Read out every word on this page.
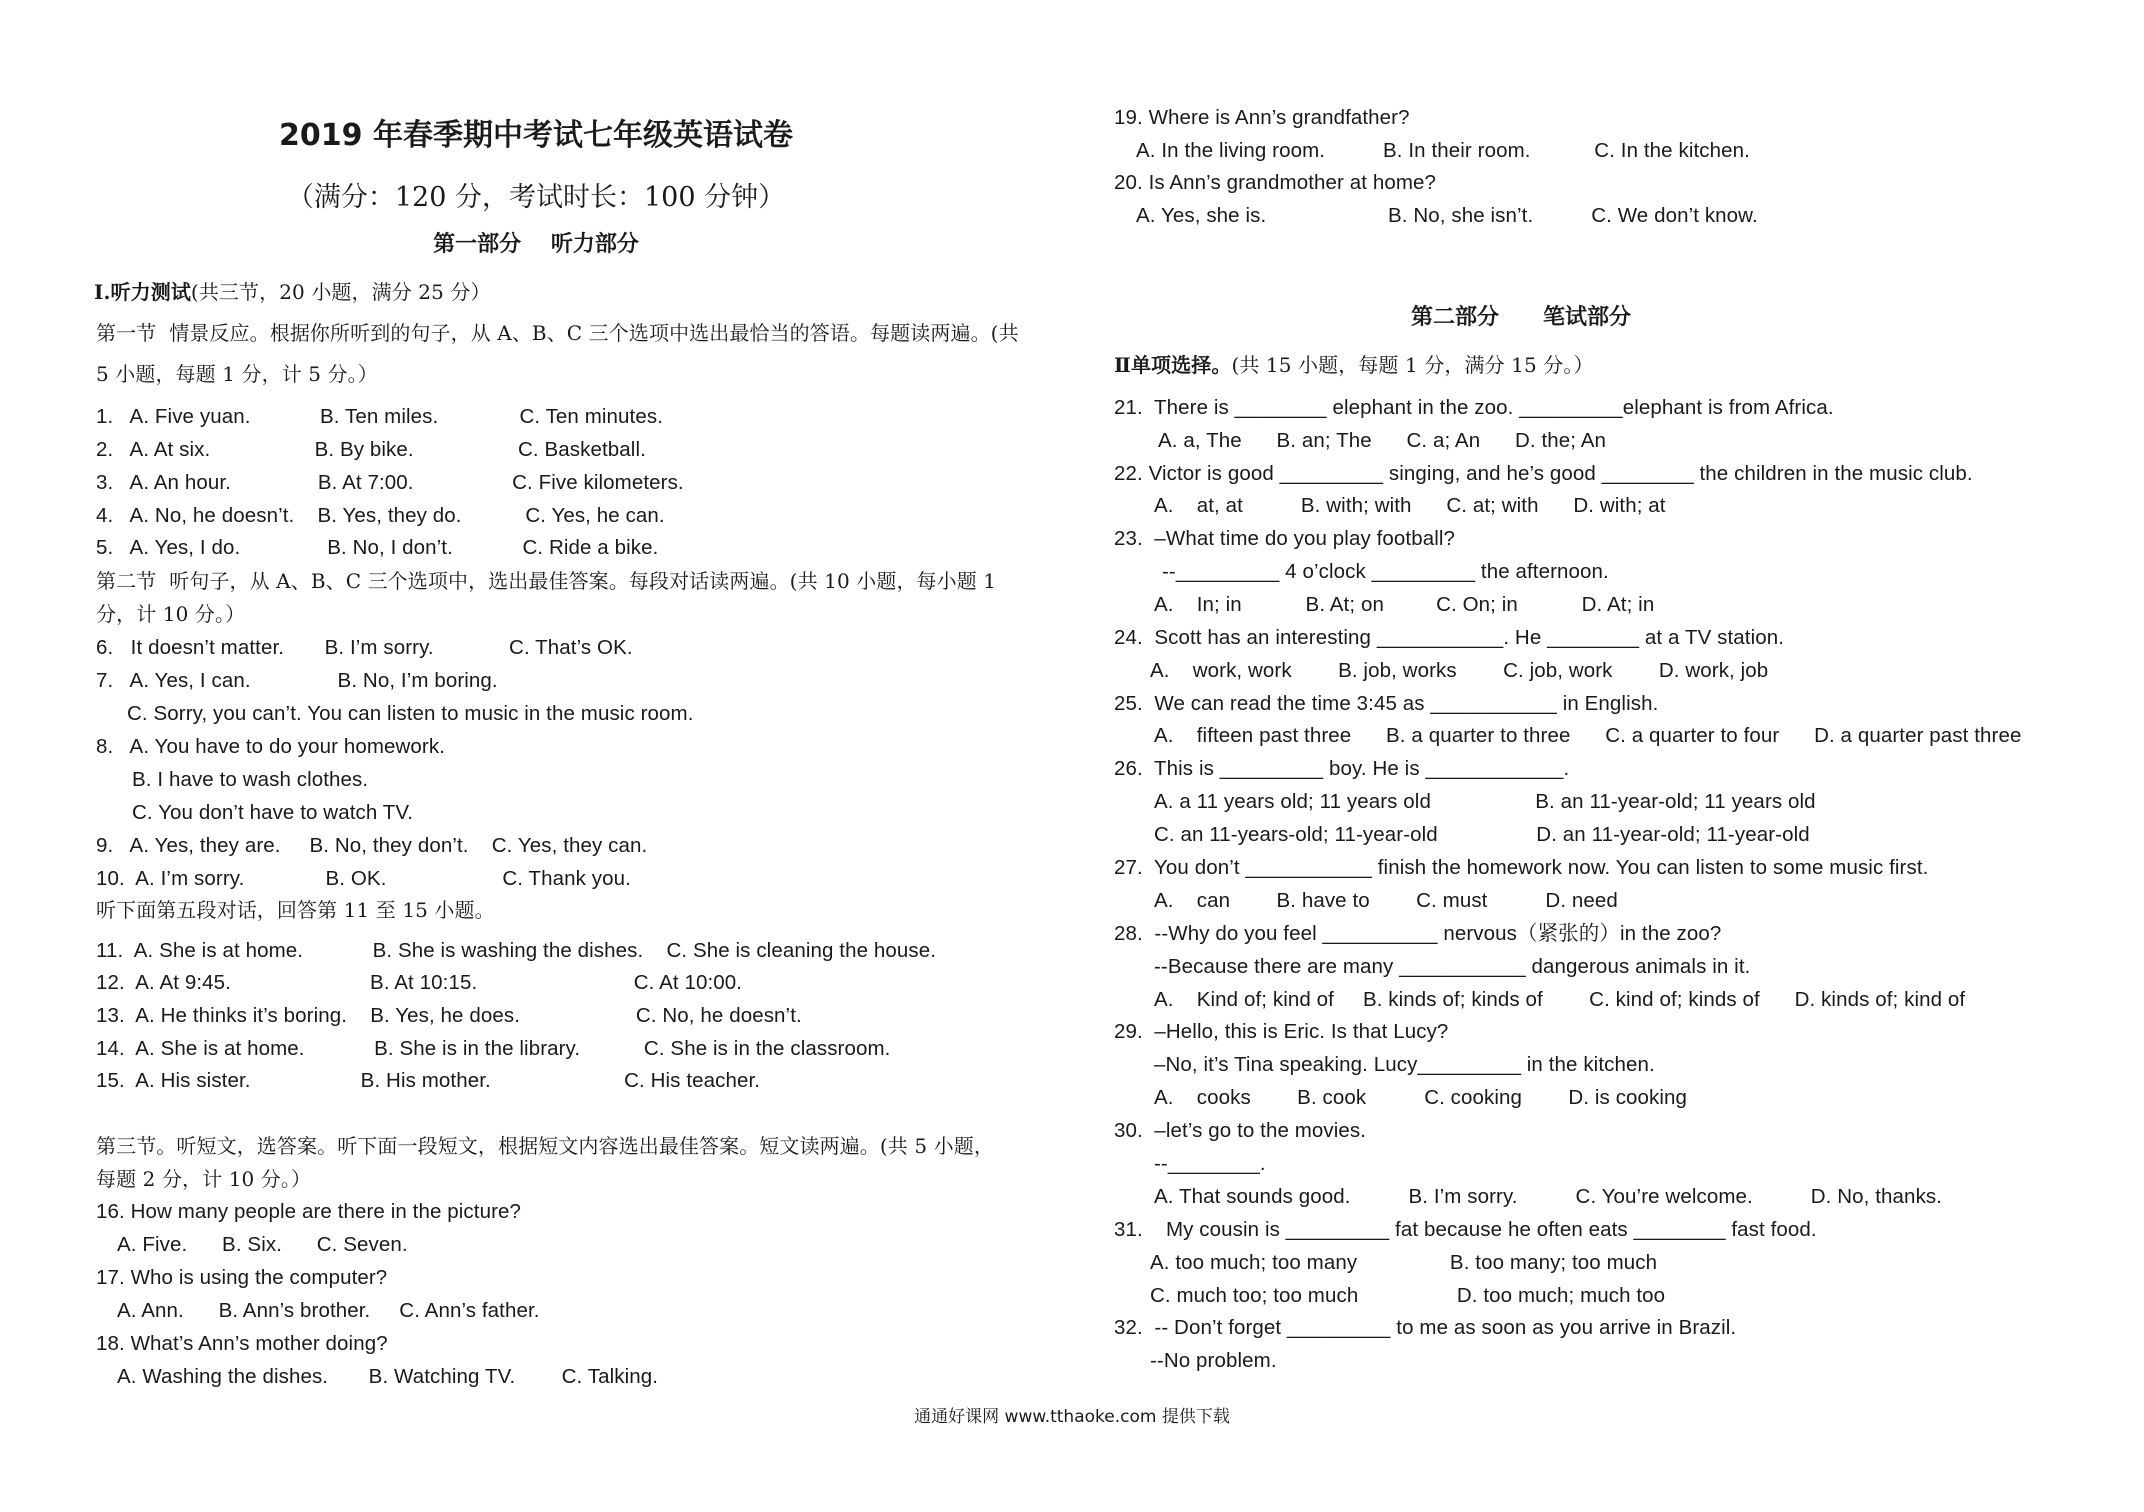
2019 年春季期中考试七年级英语试卷
（满分：120 分，考试时长：100 分钟）
第一部分　 听力部分
Ⅰ.听力测试(共三节，20 小题，满分 25 分）
第一节  情景反应。根据你所听到的句子，从 A、B、C 三个选项中选出最恰当的答语。每题读两遍。(共
5 小题，每题 1 分，计 5 分。）
1.   A. Five yuan.            B. Ten miles.              C. Ten minutes.
2.   A. At six.                  B. By bike.                  C. Basketball.
3.   A. An hour.               B. At 7:00.                 C. Five kilometers.
4.   A. No, he doesn’t.    B. Yes, they do.           C. Yes, he can.
5.   A. Yes, I do.               B. No, I don’t.            C. Ride a bike.
第二节  听句子，从 A、B、C 三个选项中，选出最佳答案。每段对话读两遍。(共 10 小题，每小题 1
分，计 10 分。）
6.   It doesn’t matter.       B. I’m sorry.             C. That’s OK.
7.   A. Yes, I can.               B. No, I’m boring.
C. Sorry, you can’t. You can listen to music in the music room.
8.   A. You have to do your homework.
B. I have to wash clothes.
C. You don’t have to watch TV.
9.   A. Yes, they are.     B. No, they don’t.    C. Yes, they can.
10.  A. I’m sorry.              B. OK.                    C. Thank you.
听下面第五段对话，回答第 11 至 15 小题。
11.  A. She is at home.            B. She is washing the dishes.    C. She is cleaning the house.
12.  A. At 9:45.                        B. At 10:15.                           C. At 10:00.
13.  A. He thinks it’s boring.    B. Yes, he does.                    C. No, he doesn’t.
14.  A. She is at home.            B. She is in the library.           C. She is in the classroom.
15.  A. His sister.                   B. His mother.                       C. His teacher.
第三节。听短文，选答案。听下面一段短文，根据短文内容选出最佳答案。短文读两遍。(共 5 小题，
每题 2 分，计 10 分。）
16. How many people are there in the picture?
A. Five.      B. Six.      C. Seven.
17. Who is using the computer?
A. Ann.      B. Ann’s brother.     C. Ann’s father.
18. What’s Ann’s mother doing?
A. Washing the dishes.       B. Watching TV.        C. Talking.
19. Where is Ann’s grandfather?
A. In the living room.          B. In their room.           C. In the kitchen.
20. Is Ann’s grandmother at home?
A. Yes, she is.                     B. No, she isn’t.          C. We don’t know.
第二部分　　笔试部分
Ⅱ单项选择。(共 15 小题，每题 1 分，满分 15 分。）
21.  There is ________ elephant in the zoo. _________elephant is from Africa.
A. a, The      B. an; The      C. a; An      D. the; An
22. Victor is good _________ singing, and he’s good ________ the children in the music club.
A.    at, at          B. with; with      C. at; with      D. with; at
23.  –What time do you play football?
--_________ 4 o’clock _________ the afternoon.
A.    In; in           B. At; on         C. On; in           D. At; in
24.  Scott has an interesting ___________. He ________ at a TV station.
A.    work, work        B. job, works        C. job, work        D. work, job
25.  We can read the time 3:45 as ___________ in English.
A.    fifteen past three      B. a quarter to three      C. a quarter to four      D. a quarter past three
26.  This is _________ boy. He is ____________.
A. a 11 years old; 11 years old                  B. an 11-year-old; 11 years old
C. an 11-years-old; 11-year-old                 D. an 11-year-old; 11-year-old
27.  You don’t ___________ finish the homework now. You can listen to some music first.
A.    can        B. have to        C. must          D. need
28.  --Why do you feel __________ nervous（紧张的）in the zoo?
--Because there are many ___________ dangerous animals in it.
A.    Kind of; kind of     B. kinds of; kinds of        C. kind of; kinds of      D. kinds of; kind of
29.  –Hello, this is Eric. Is that Lucy?
–No, it’s Tina speaking. Lucy_________ in the kitchen.
A.    cooks        B. cook          C. cooking        D. is cooking
30.  –let’s go to the movies.
--________.
A. That sounds good.          B. I’m sorry.          C. You’re welcome.          D. No, thanks.
31.    My cousin is _________ fat because he often eats ________ fast food.
A. too much; too many                B. too many; too much
C. much too; too much                 D. too much; much too
32.  -- Don’t forget _________ to me as soon as you arrive in Brazil.
--No problem.
通通好课网 www.tthaoke.com 提供下载
